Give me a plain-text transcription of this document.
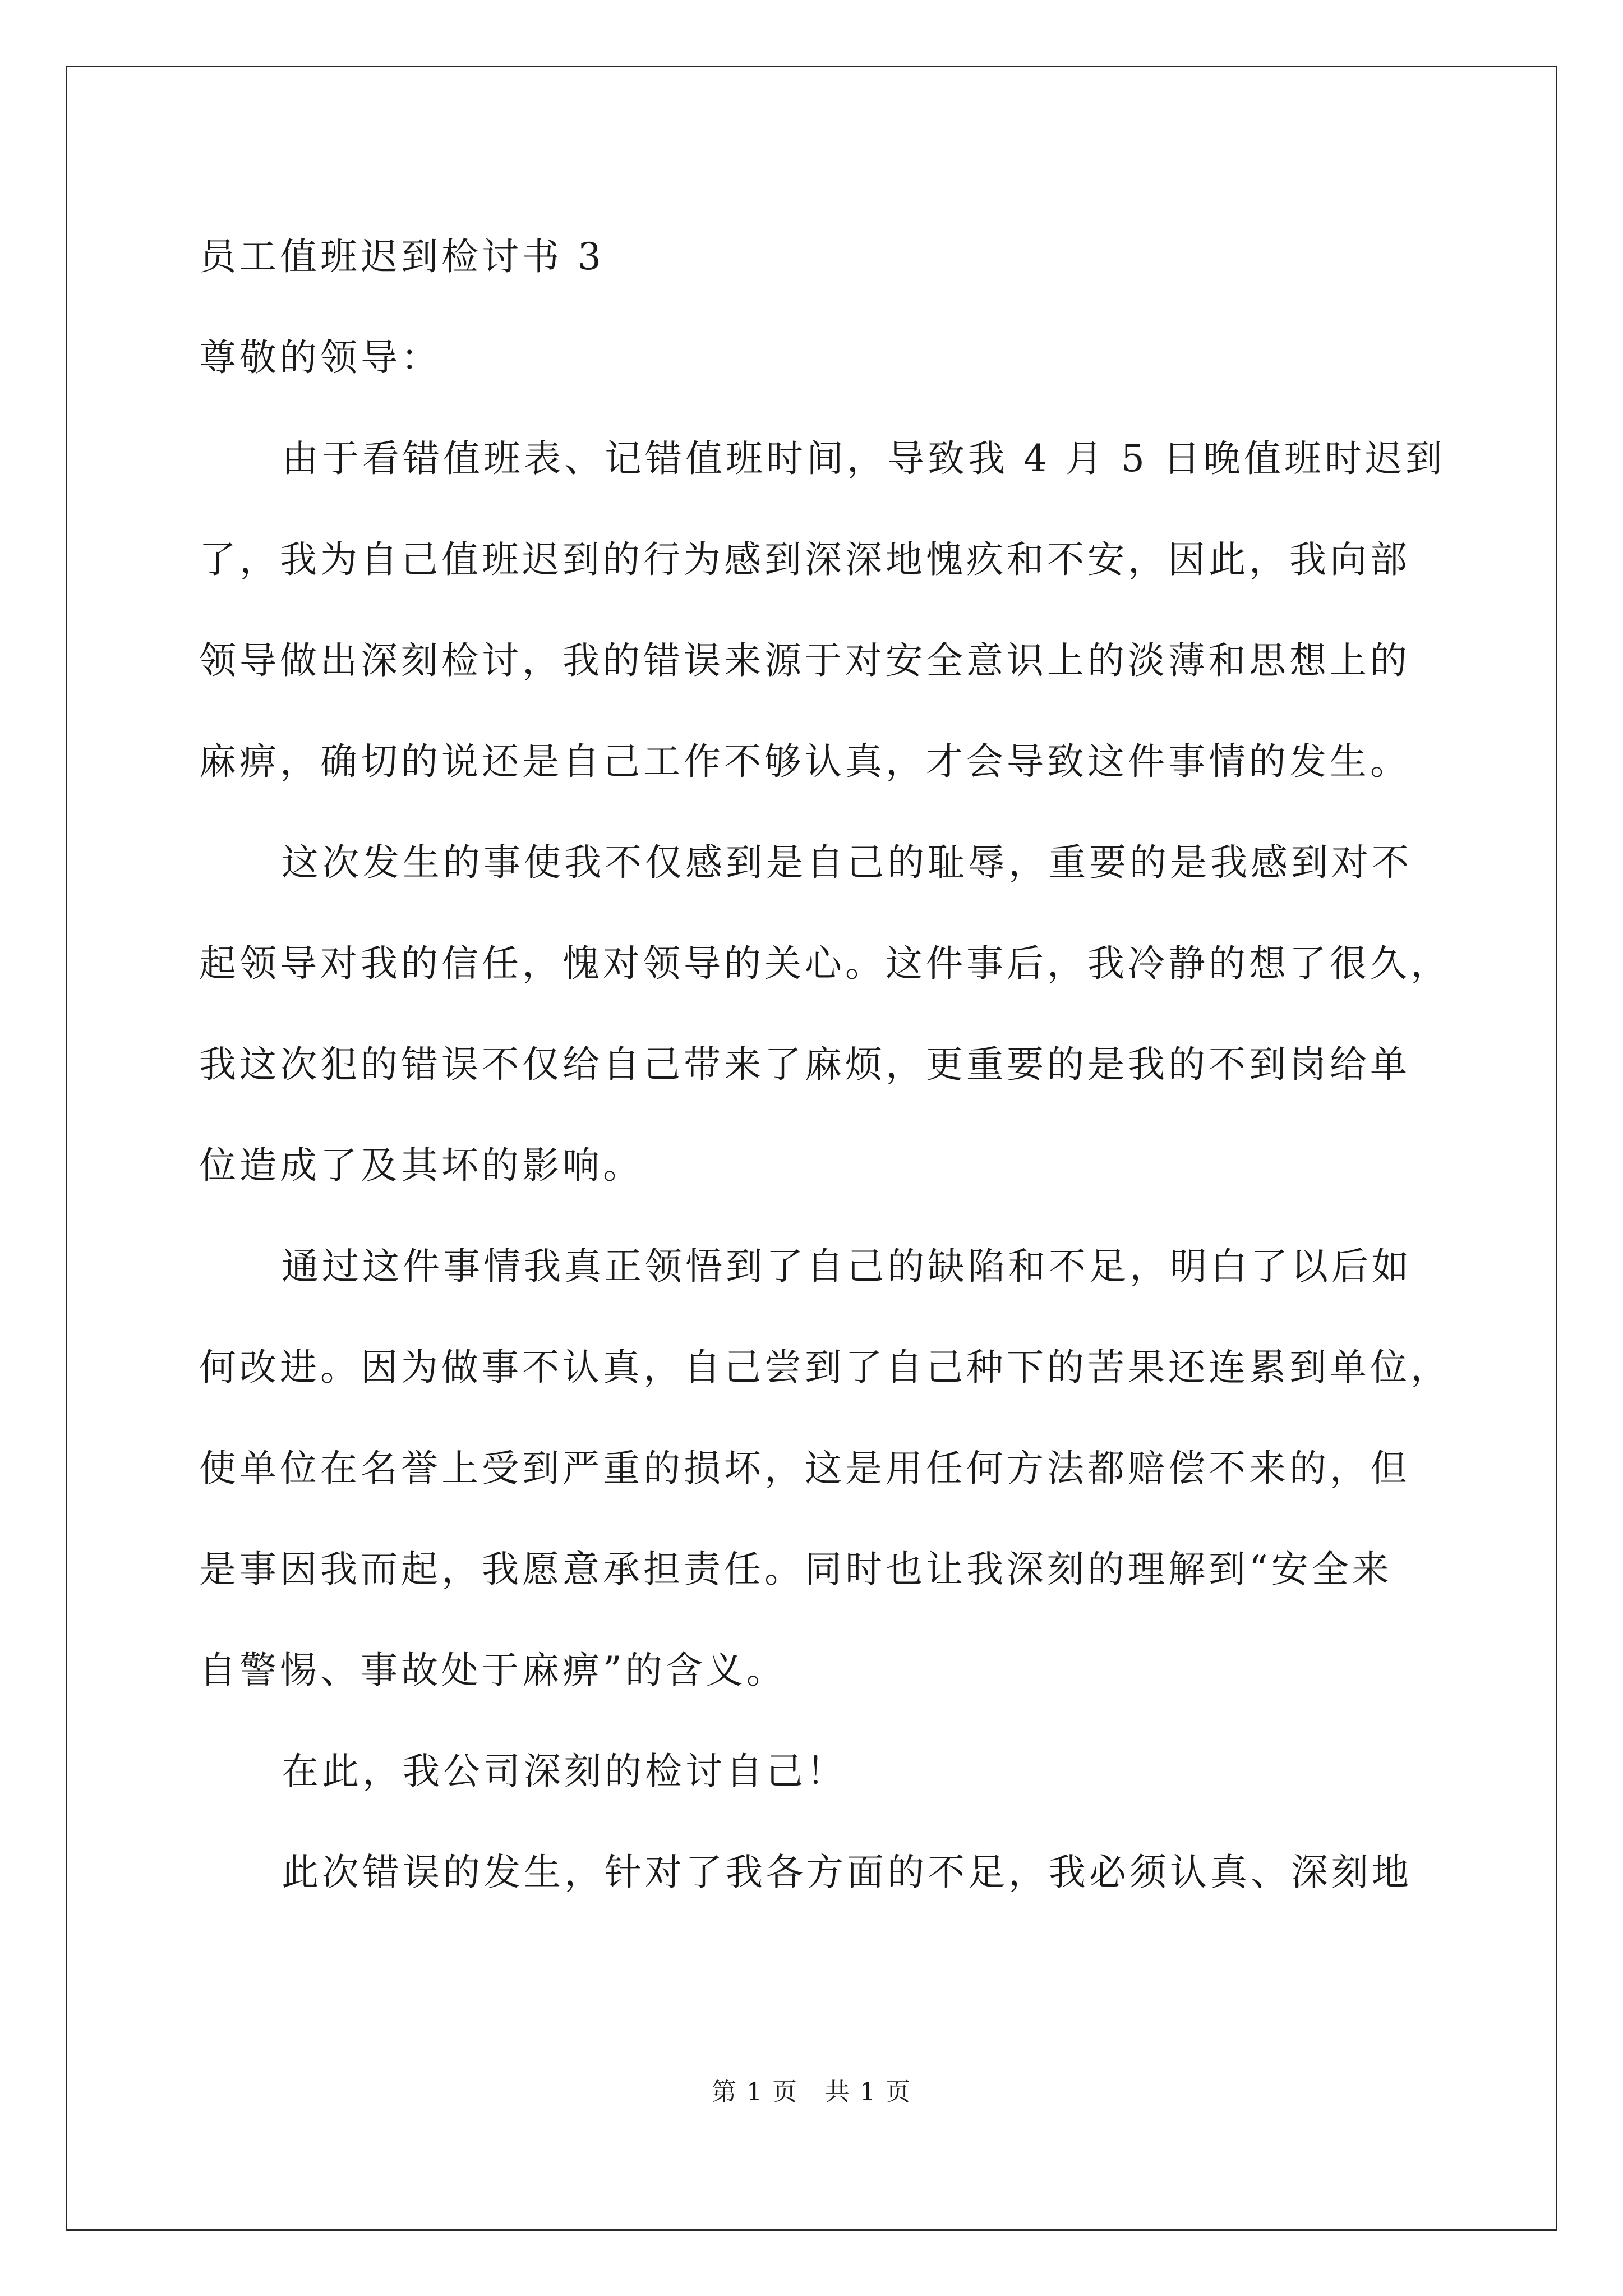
员工值班迟到检讨书 3
尊敬的领导：
由于看错值班表、记错值班时间，导致我 4 月 5 日晚值班时迟到
了，我为自己值班迟到的行为感到深深地愧疚和不安，因此，我向部
领导做出深刻检讨，我的错误来源于对安全意识上的淡薄和思想上的
麻痹，确切的说还是自己工作不够认真，才会导致这件事情的发生。
这次发生的事使我不仅感到是自己的耻辱，重要的是我感到对不
起领导对我的信任，愧对领导的关心。这件事后，我冷静的想了很久，
我这次犯的错误不仅给自己带来了麻烦，更重要的是我的不到岗给单
位造成了及其坏的影响。
通过这件事情我真正领悟到了自己的缺陷和不足，明白了以后如
何改进。因为做事不认真，自己尝到了自己种下的苦果还连累到单位，
使单位在名誉上受到严重的损坏，这是用任何方法都赔偿不来的，但
是事因我而起，我愿意承担责任。同时也让我深刻的理解到“安全来
自警惕、事故处于麻痹”的含义。
在此，我公司深刻的检讨自己！
此次错误的发生，针对了我各方面的不足，我必须认真、深刻地
第 1 页 共 1 页
